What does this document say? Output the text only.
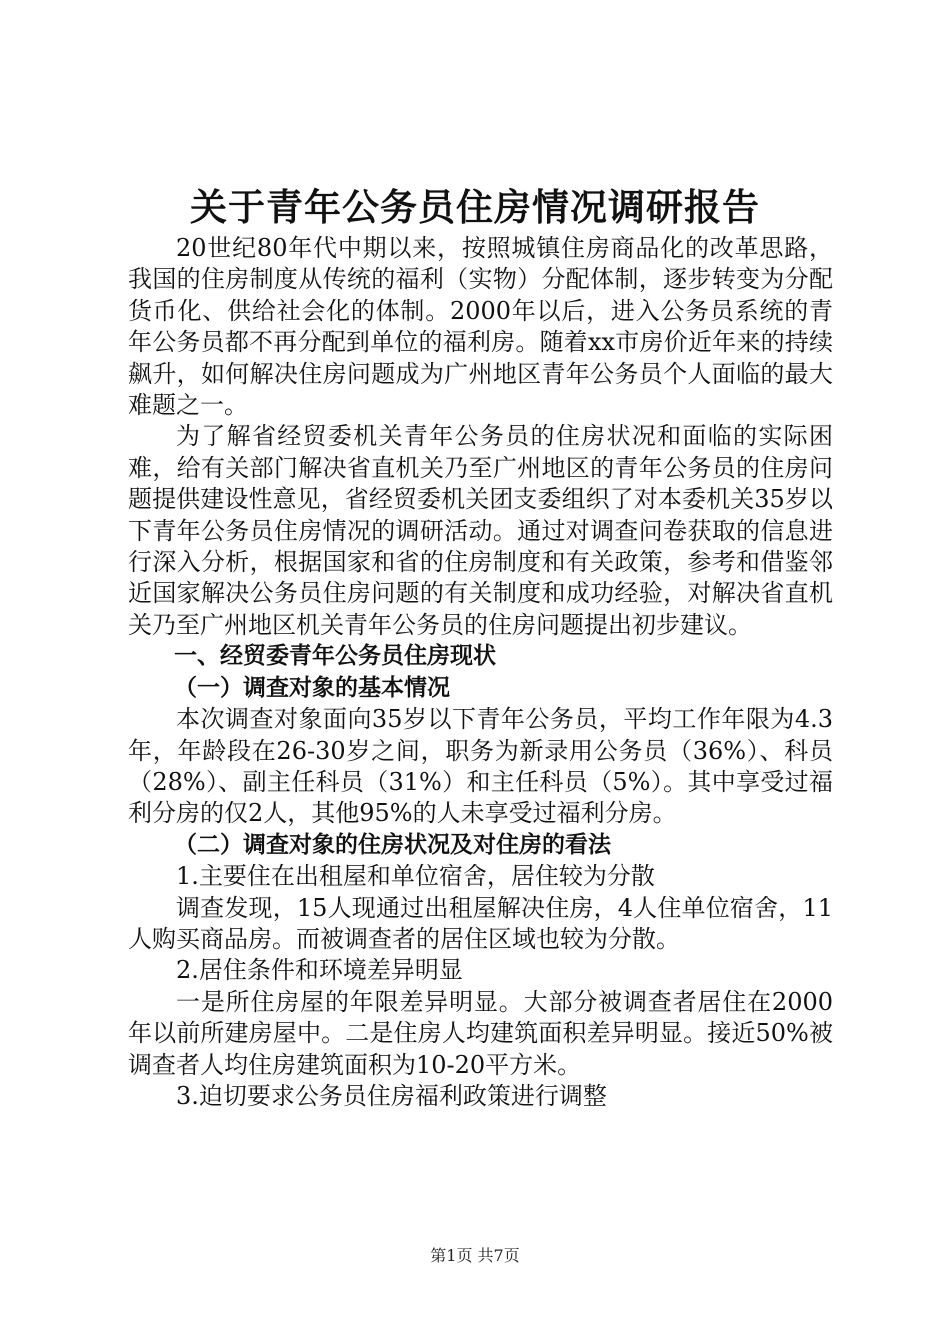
关于青年公务员住房情况调研报告

20世纪80年代中期以来，按照城镇住房商品化的改革思路，我国的住房制度从传统的福利（实物）分配体制，逐步转变为分配货币化、供给社会化的体制。2000年以后，进入公务员系统的青年公务员都不再分配到单位的福利房。随着xx市房价近年来的持续飙升，如何解决住房问题成为广州地区青年公务员个人面临的最大难题之一。

为了解省经贸委机关青年公务员的住房状况和面临的实际困难，给有关部门解决省直机关乃至广州地区的青年公务员的住房问题提供建设性意见，省经贸委机关团支委组织了对本委机关35岁以下青年公务员住房情况的调研活动。通过对调查问卷获取的信息进行深入分析，根据国家和省的住房制度和有关政策，参考和借鉴邻近国家解决公务员住房问题的有关制度和成功经验，对解决省直机关乃至广州地区机关青年公务员的住房问题提出初步建议。

一、经贸委青年公务员住房现状

（一）调查对象的基本情况

本次调查对象面向35岁以下青年公务员，平均工作年限为4.3年，年龄段在26-30岁之间，职务为新录用公务员（36%）、科员（28%）、副主任科员（31%）和主任科员（5%）。其中享受过福利分房的仅2人，其他95%的人未享受过福利分房。

（二）调查对象的住房状况及对住房的看法

1.主要住在出租屋和单位宿舍，居住较为分散

调查发现，15人现通过出租屋解决住房，4人住单位宿舍，11人购买商品房。而被调查者的居住区域也较为分散。

2.居住条件和环境差异明显

一是所住房屋的年限差异明显。大部分被调查者居住在2000年以前所建房屋中。二是住房人均建筑面积差异明显。接近50%被调查者人均住房建筑面积为10-20平方米。

3.迫切要求公务员住房福利政策进行调整

第1页 共7页
